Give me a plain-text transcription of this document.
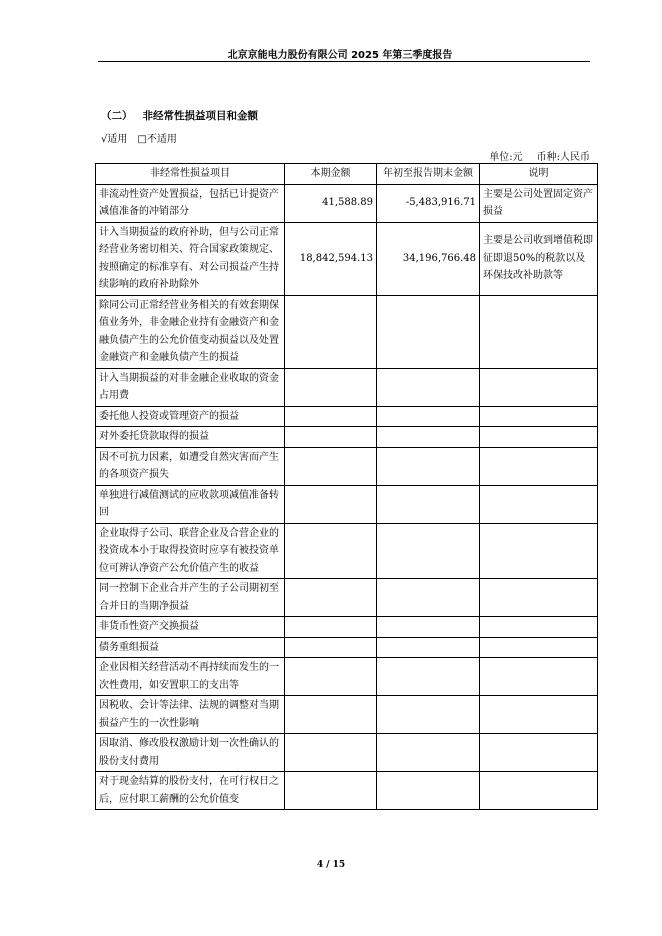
北京京能电力股份有限公司 2025 年第三季度报告
（二） 非经常性损益项目和金额
√适用 □不适用
单位:元 币种:人民币
非经常性损益项目	本期金额	年初至报告期末金额	说明
非流动性资产处置损益，包括已计提资产减值准备的冲销部分	41,588.89	-5,483,916.71	主要是公司处置固定资产损益
计入当期损益的政府补助，但与公司正常经营业务密切相关、符合国家政策规定、按照确定的标准享有、对公司损益产生持续影响的政府补助除外	18,842,594.13	34,196,766.48	主要是公司收到增值税即征即退50%的税款以及环保技改补助款等
除同公司正常经营业务相关的有效套期保值业务外，非金融企业持有金融资产和金融负债产生的公允价值变动损益以及处置金融资产和金融负债产生的损益			
计入当期损益的对非金融企业收取的资金占用费			
委托他人投资或管理资产的损益			
对外委托贷款取得的损益			
因不可抗力因素，如遭受自然灾害而产生的各项资产损失			
单独进行减值测试的应收款项减值准备转回			
企业取得子公司、联营企业及合营企业的投资成本小于取得投资时应享有被投资单位可辨认净资产公允价值产生的收益			
同一控制下企业合并产生的子公司期初至合并日的当期净损益			
非货币性资产交换损益			
债务重组损益			
企业因相关经营活动不再持续而发生的一次性费用，如安置职工的支出等			
因税收、会计等法律、法规的调整对当期损益产生的一次性影响			
因取消、修改股权激励计划一次性确认的股份支付费用			
对于现金结算的股份支付，在可行权日之后，应付职工薪酬的公允价值变			
4 / 15
